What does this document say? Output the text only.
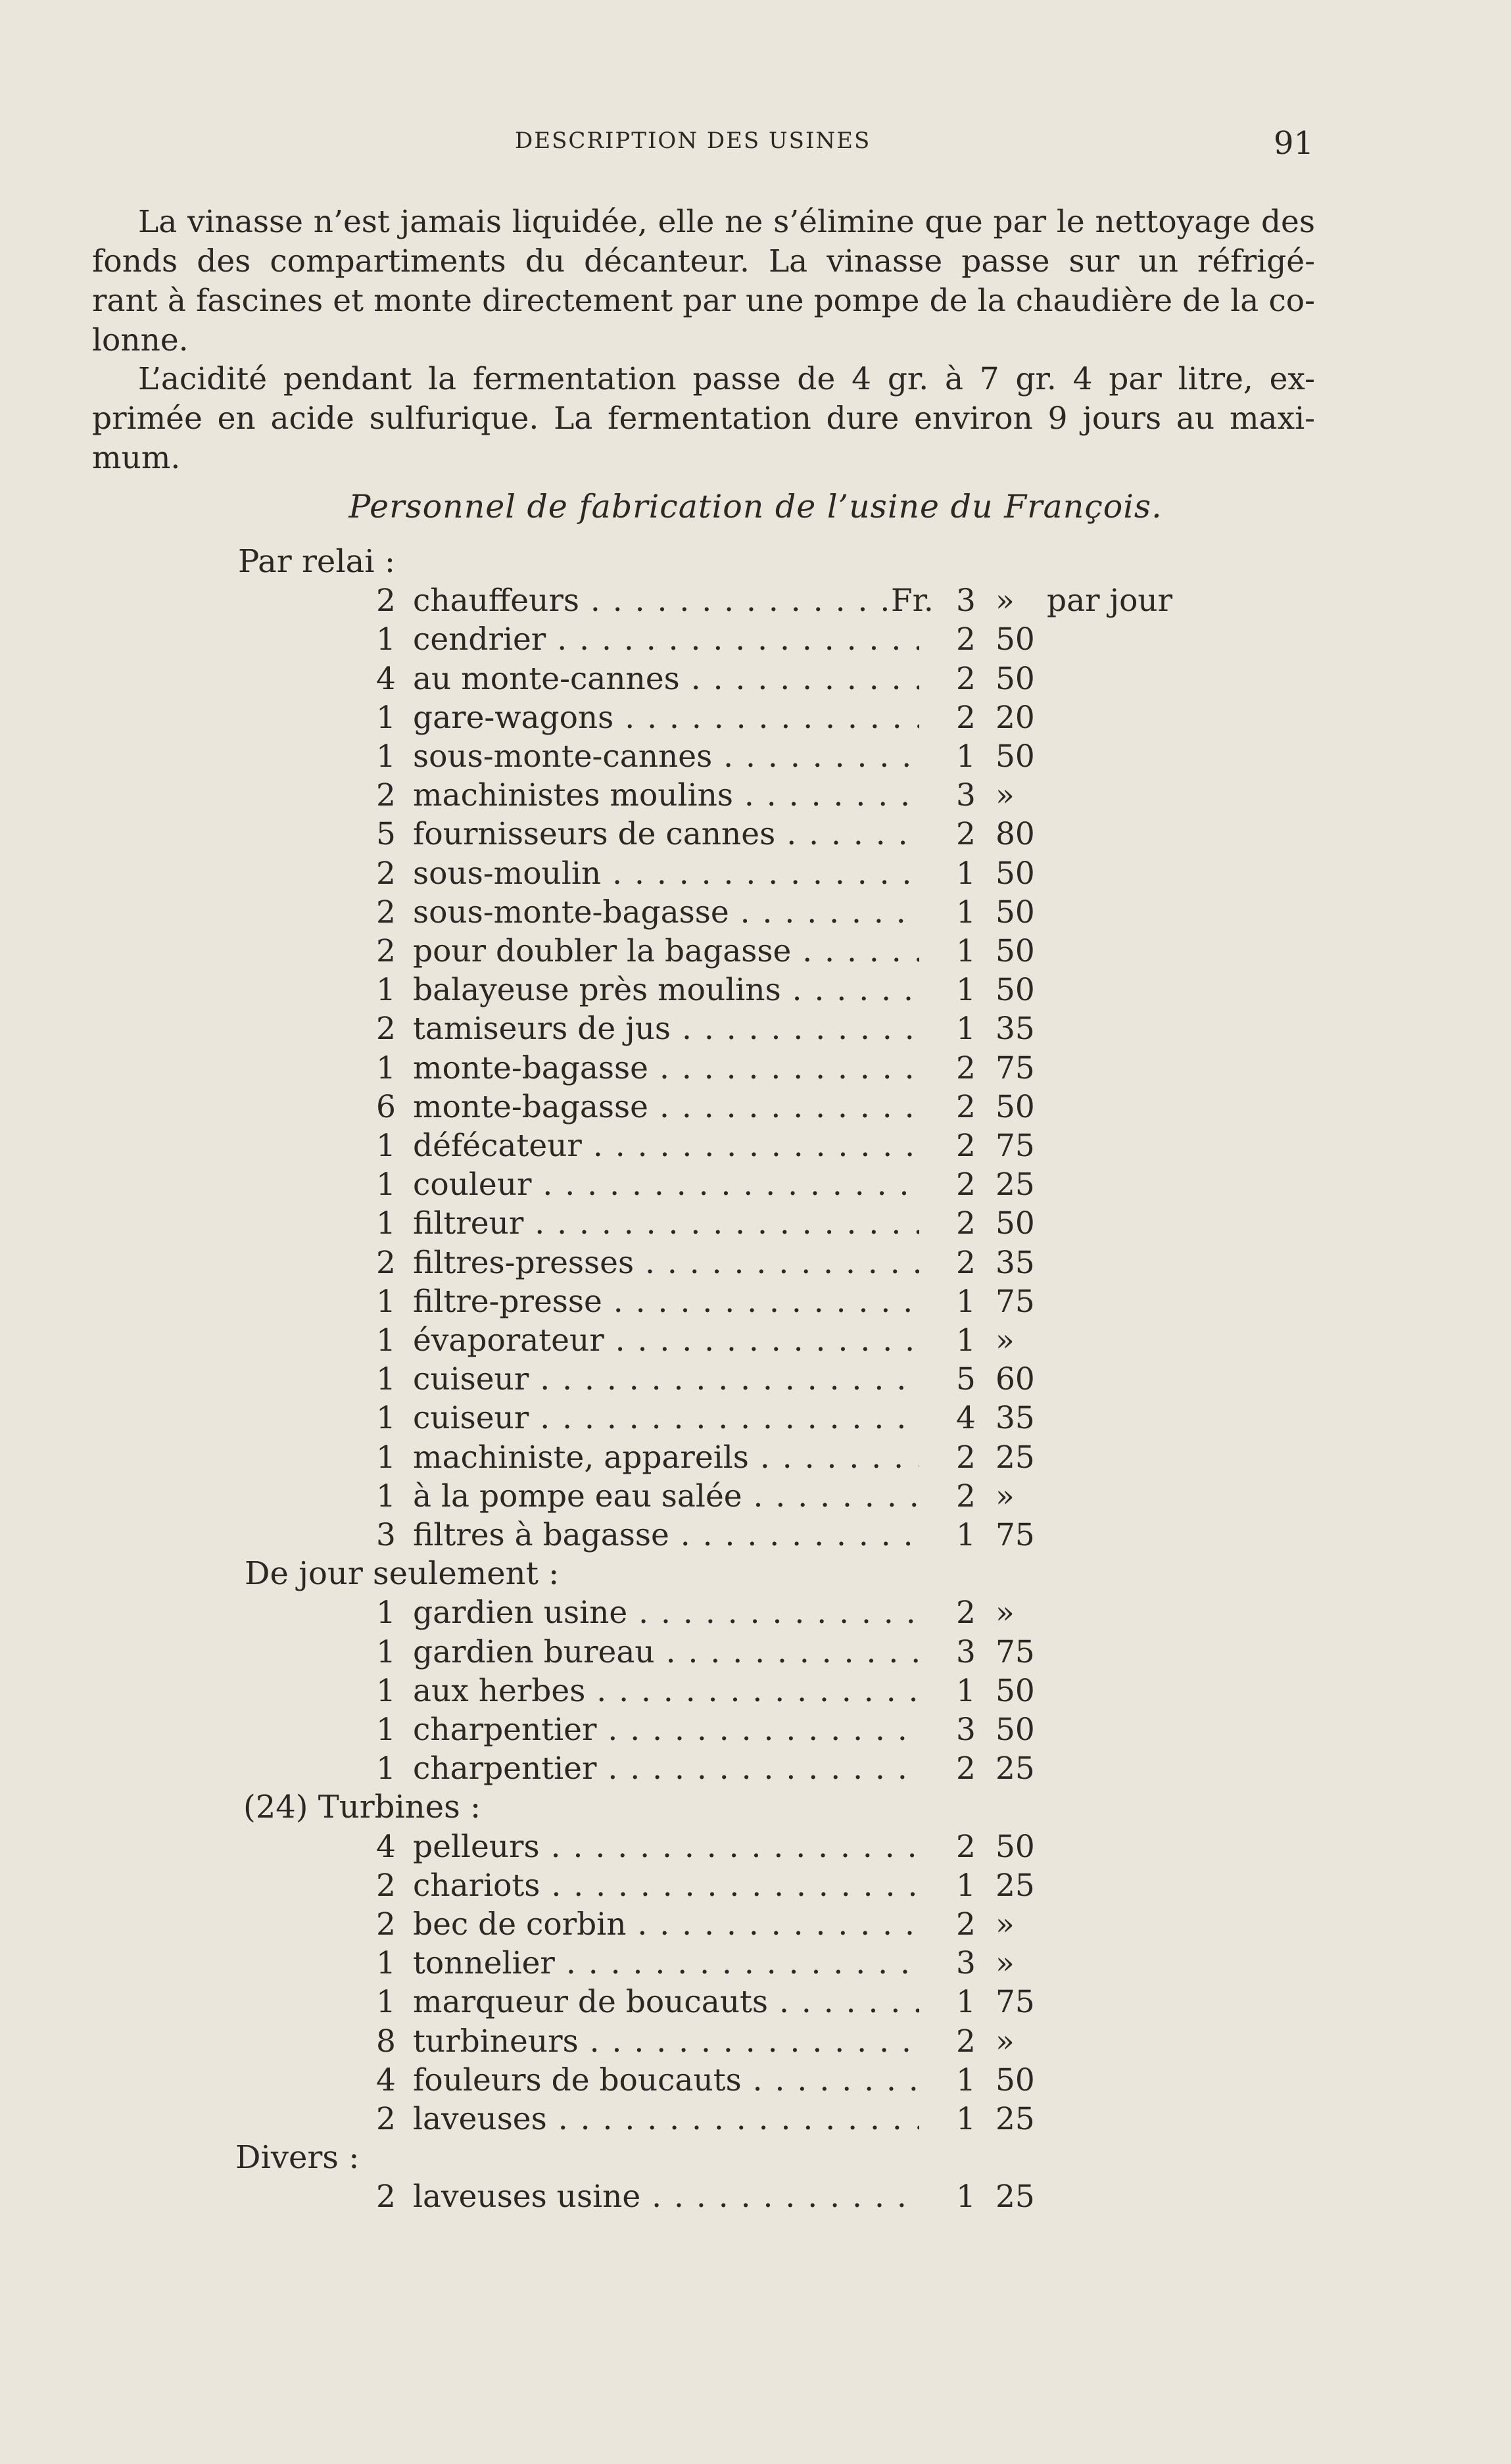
DESCRIPTION DES USINES	91
La vinasse n’est jamais liquidée, elle ne s’élimine que par le nettoyage des
fonds des compartiments du décanteur. La vinasse passe sur un réfrigé-
rant à fascines et monte directement par une pompe de la chaudière de la co-
lonne.
L’acidité pendant la fermentation passe de 4 gr. à 7 gr. 4 par litre, ex-
primée en acide sulfurique. La fermentation dure environ 9 jours au maxi-
mum.
Personnel de fabrication de l’usine du François.
Par relai :
2 chauffeurs . . .	Fr. 3 »	par jour
1 cendrier . . .	2 50
4 au monte-cannes . . .	2 50
1 gare-wagons . . .	2 20
1 sous-monte-cannes . . .	1 50
2 machinistes moulins . . .	3 »
5 fournisseurs de cannes . . .	2 80
2 sous-moulin . . .	1 50
2 sous-monte-bagasse . . .	1 50
2 pour doubler la bagasse . . .	1 50
1 balayeuse près moulins . . .	1 50
2 tamiseurs de jus . . .	1 35
1 monte-bagasse . . .	2 75
6 monte-bagasse . . .	2 50
1 défécateur . . .	2 75
1 couleur . . .	2 25
1 filtreur . . .	2 50
2 filtres-presses . . .	2 35
1 filtre-presse . . .	1 75
1 évaporateur . . .	1 »
1 cuiseur . . .	5 60
1 cuiseur . . .	4 35
1 machiniste, appareils . . .	2 25
1 à la pompe eau salée . . .	2 »
3 filtres à bagasse . . .	1 75
De jour seulement :
1 gardien usine . . .	2 »
1 gardien bureau . . .	3 75
1 aux herbes . . .	1 50
1 charpentier . . .	3 50
1 charpentier . . .	2 25
(24) Turbines :
4 pelleurs . . .	2 50
2 chariots . . .	1 25
2 bec de corbin . . .	2 »
1 tonnelier . . .	3 »
1 marqueur de boucauts . . .	1 75
8 turbineurs . . .	2 »
4 fouleurs de boucauts . . .	1 50
2 laveuses . . .	1 25
Divers :
2 laveuses usine . . .	1 25
